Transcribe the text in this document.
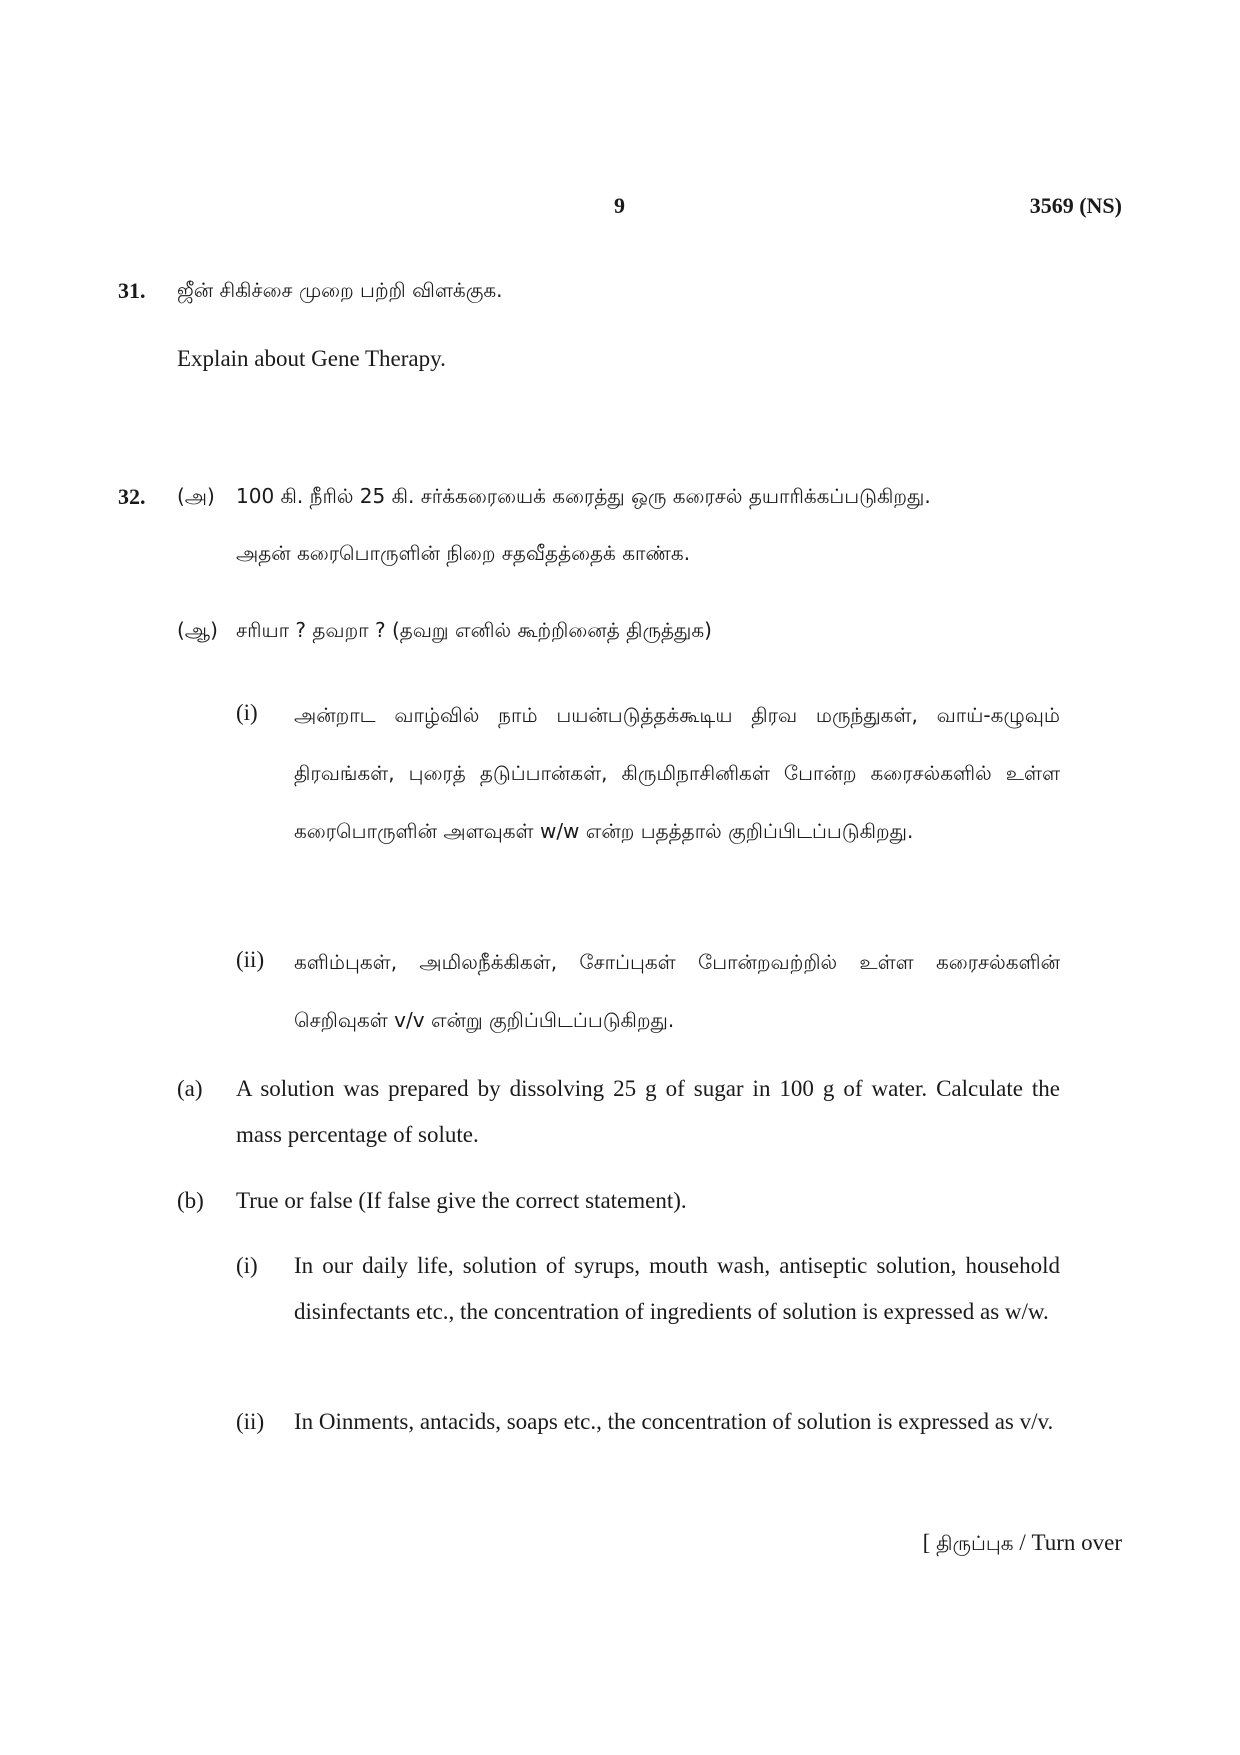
9	3569 (NS)
31. ஜீன் சிகிச்சை முறை பற்றி விளக்குக.
Explain about Gene Therapy.
32. (அ) 100 கி. நீரில் 25 கி. சர்க்கரையைக் கரைத்து ஒரு கரைசல் தயாரிக்கப்படுகிறது.
அதன் கரைபொருளின் நிறை சதவீதத்தைக் காண்க.
(ஆ) சரியா ? தவறா ? (தவறு எனில் கூற்றினைத் திருத்துக)
(i) அன்றாட வாழ்வில் நாம் பயன்படுத்தக்கூடிய திரவ மருந்துகள், வாய்-கழுவும் திரவங்கள், புரைத் தடுப்பான்கள், கிருமிநாசினிகள் போன்ற கரைசல்களில் உள்ள கரைபொருளின் அளவுகள் w/w என்ற பதத்தால் குறிப்பிடப்படுகிறது.
(ii) களிம்புகள், அமிலநீக்கிகள், சோப்புகள் போன்றவற்றில் உள்ள கரைசல்களின் செறிவுகள் v/v என்று குறிப்பிடப்படுகிறது.
(a) A solution was prepared by dissolving 25 g of sugar in 100 g of water. Calculate the mass percentage of solute.
(b) True or false (If false give the correct statement).
(i) In our daily life, solution of syrups, mouth wash, antiseptic solution, household disinfectants etc., the concentration of ingredients of solution is expressed as w/w.
(ii) In Oinments, antacids, soaps etc., the concentration of solution is expressed as v/v.
[ திருப்புக / Turn over
